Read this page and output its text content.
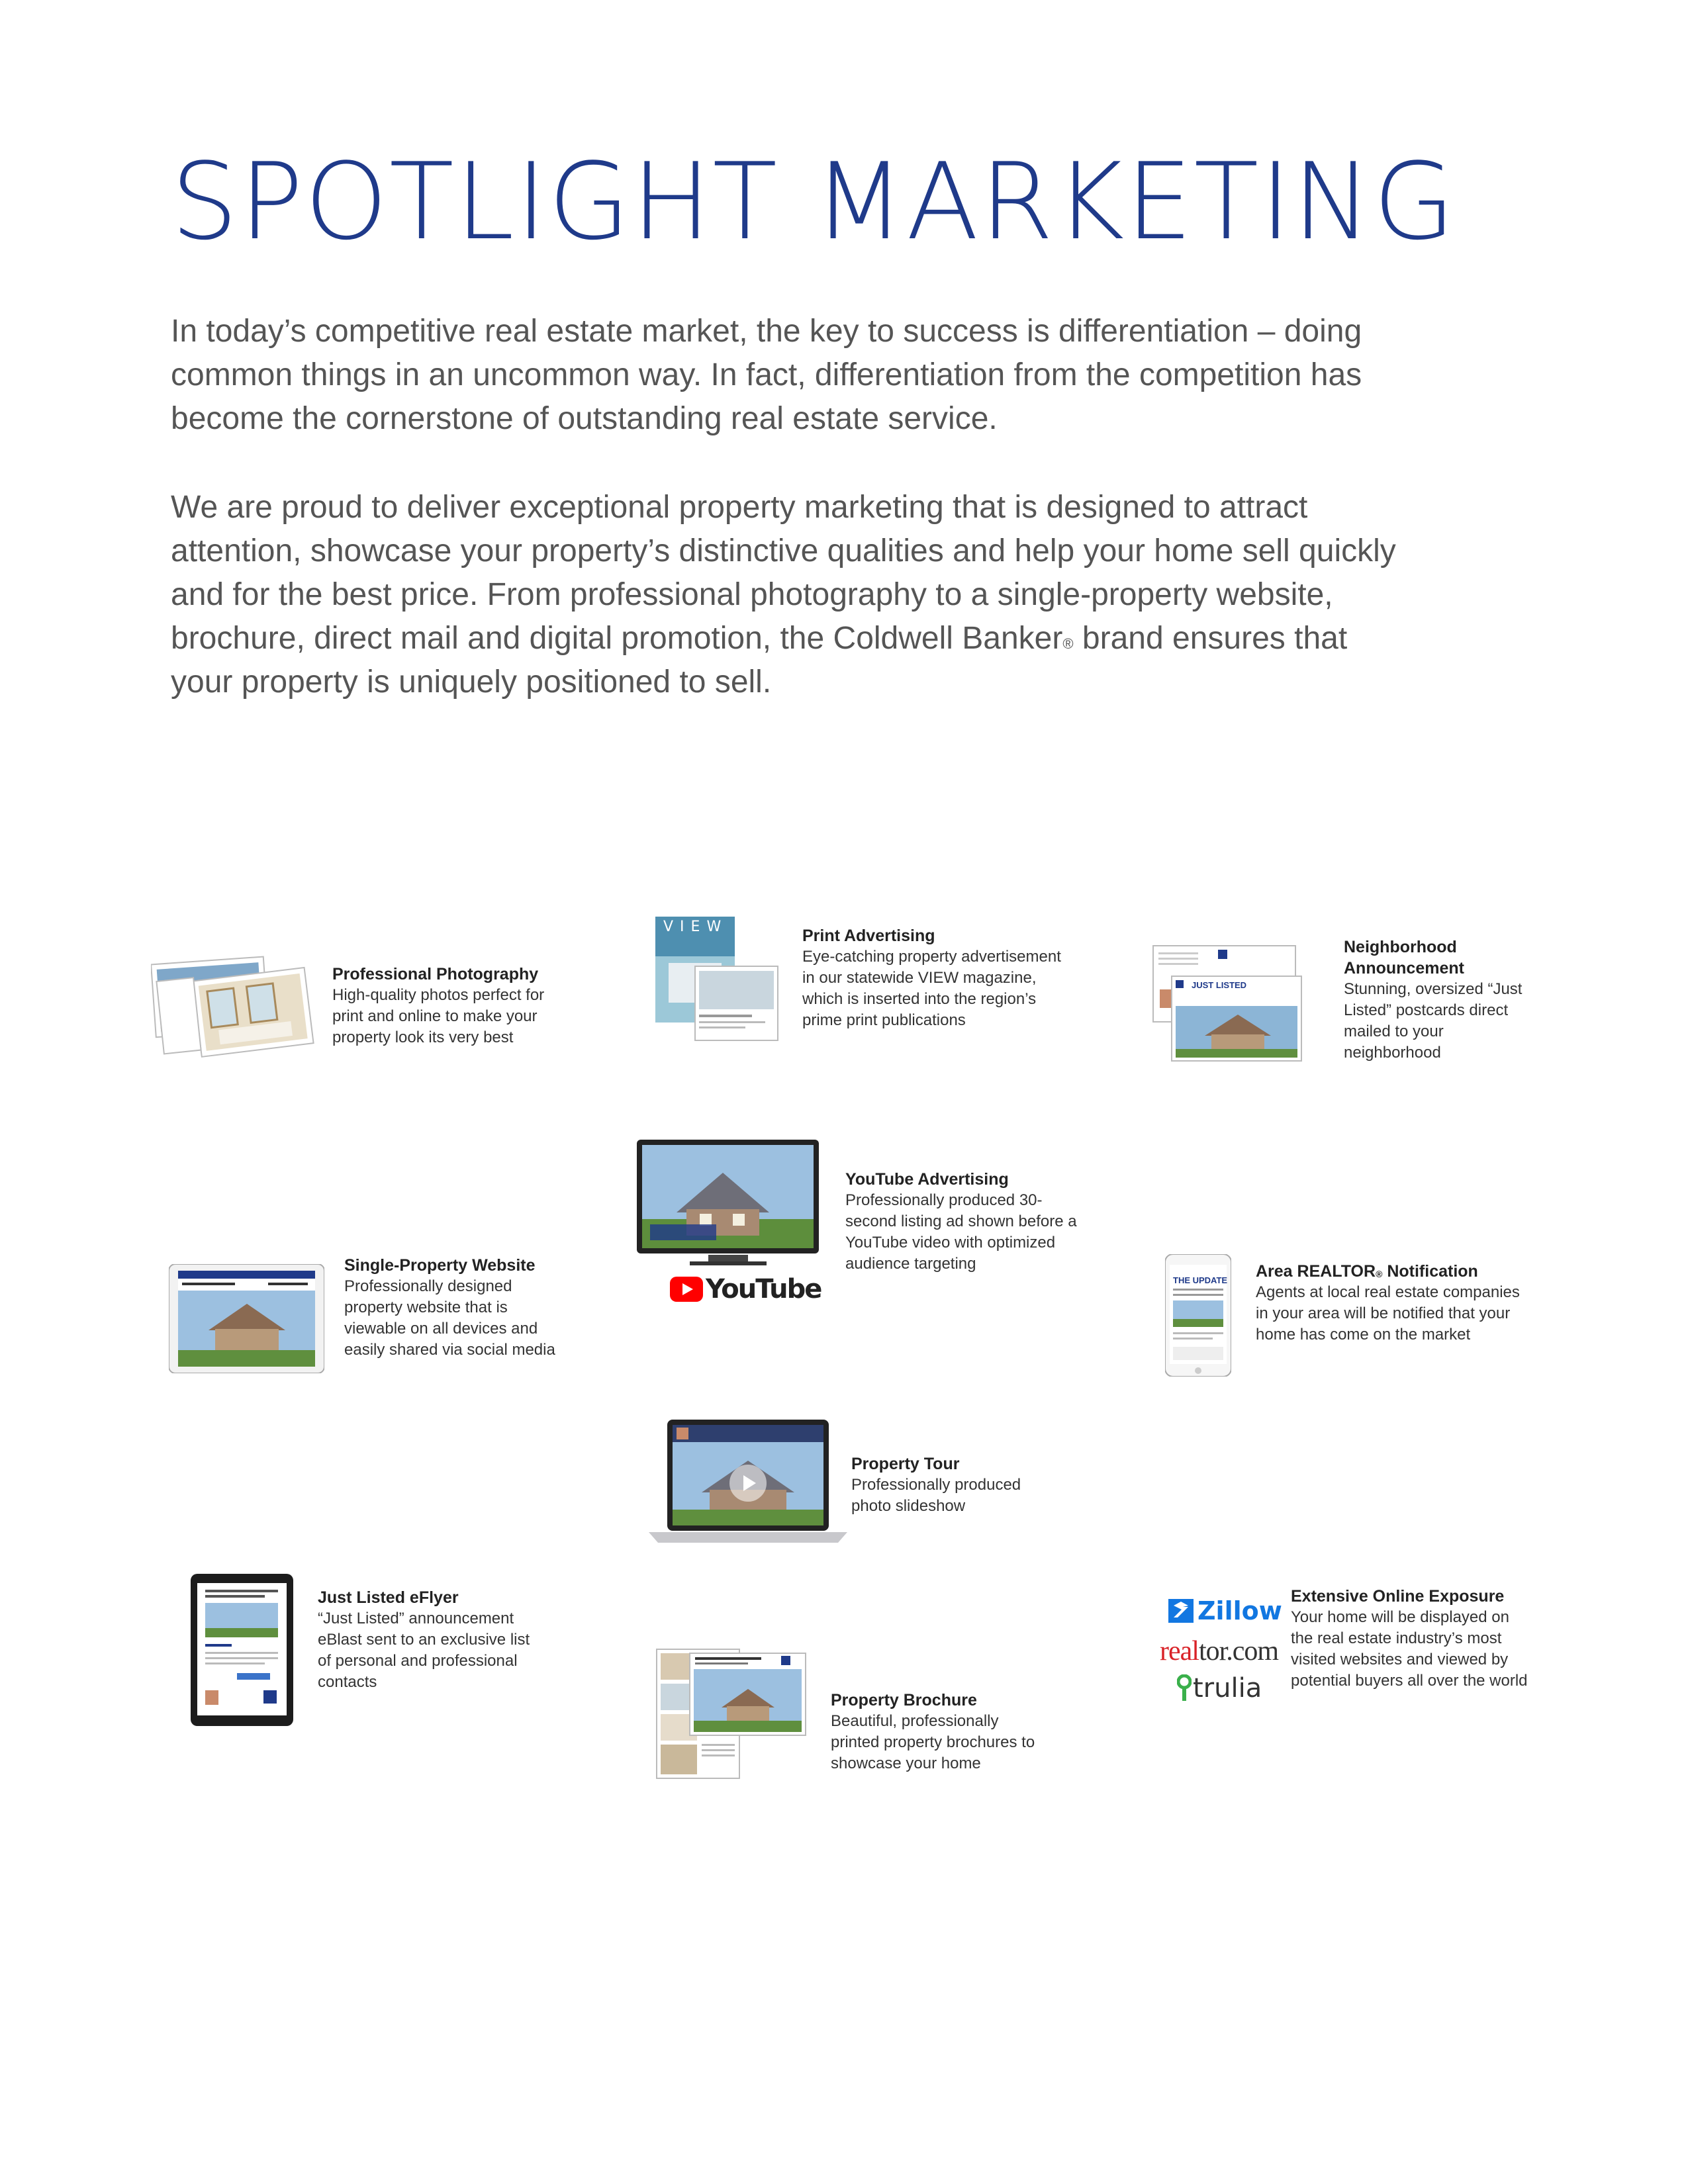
SPOTLIGHT MARKETING

In today’s competitive real estate market, the key to success is differentiation – doing common things in an uncommon way. In fact, differentiation from the competition has become the cornerstone of outstanding real estate service.

We are proud to deliver exceptional property marketing that is designed to attract attention, showcase your property’s distinctive qualities and help your home sell quickly and for the best price. From professional photography to a single-property website, brochure, direct mail and digital promotion, the Coldwell Banker® brand ensures that your property is uniquely positioned to sell.

Professional Photography

High-quality photos perfect for print and online to make your property look its very best

VIEW	Print Advertising

Eye-catching property advertisement in our statewide VIEW magazine, which is inserted into the region’s prime print publications

JUST LISTED

Neighborhood Announcement

Stunning, oversized “Just Listed” postcards direct mailed to your neighborhood

YouTube

YouTube Advertising

Professionally produced 30-second listing ad shown before a YouTube video with optimized audience targeting

Single-Property Website

Professionally designed property website that is viewable on all devices and easily shared via social media

THE UPDATE Area REALTOR® Notification

Agents at local real estate companies in your area will be notified that your home has come on the market

Property Tour

Professionally produced photo slideshow

Just Listed eFlyer

“Just Listed” announcement eBlast sent to an exclusive list of personal and professional contacts

Property Brochure

Beautiful, professionally printed property brochures to showcase your home

Zillow
realtor.com
trulia

Extensive Online Exposure

Your home will be displayed on the real estate industry’s most visited websites and viewed by potential buyers all over the world
